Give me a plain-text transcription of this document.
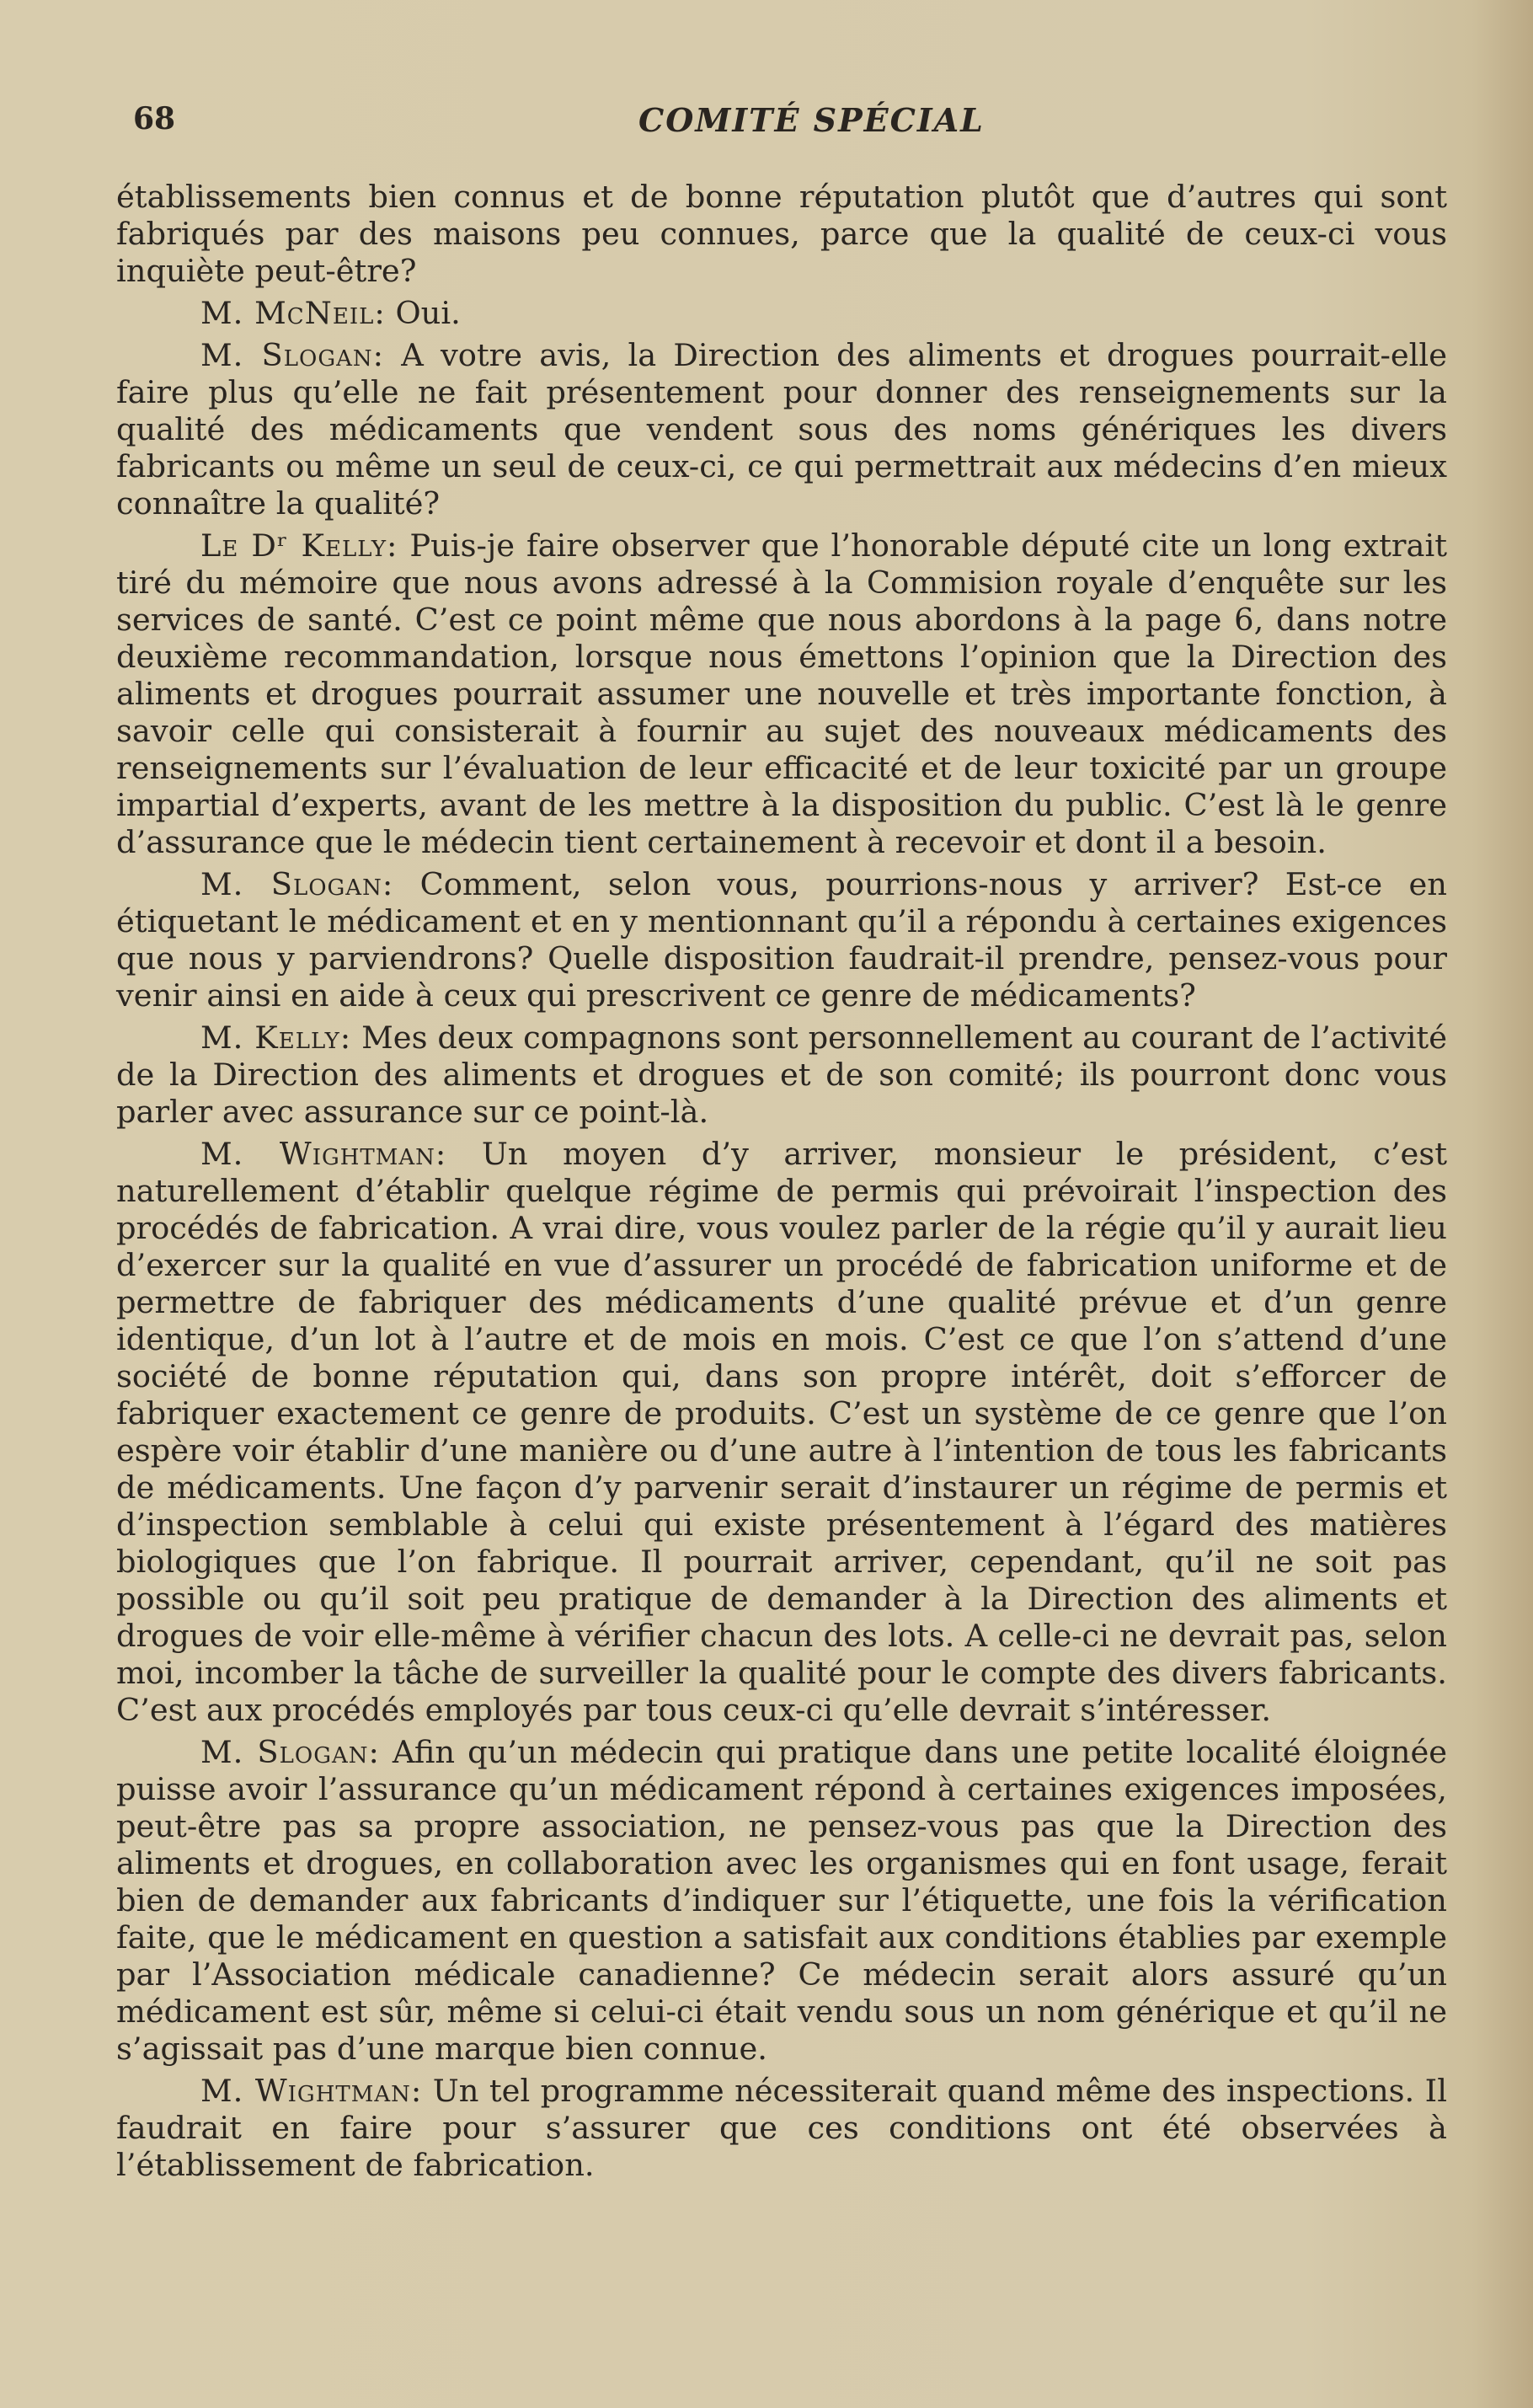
68	COMITÉ SPÉCIAL

établissements bien connus et de bonne réputation plutôt que d’autres qui sont fabriqués par des maisons peu connues, parce que la qualité de ceux-ci vous inquiète peut-être?

M. McNeil: Oui.

M. Slogan: A votre avis, la Direction des aliments et drogues pourrait-elle faire plus qu’elle ne fait présentement pour donner des renseignements sur la qualité des médicaments que vendent sous des noms génériques les divers fabricants ou même un seul de ceux-ci, ce qui permettrait aux médecins d’en mieux connaître la qualité?

Le Dʳ Kelly: Puis-je faire observer que l’honorable député cite un long extrait tiré du mémoire que nous avons adressé à la Commision royale d’enquête sur les services de santé. C’est ce point même que nous abordons à la page 6, dans notre deuxième recommandation, lorsque nous émettons l’opinion que la Direction des aliments et drogues pourrait assumer une nouvelle et très importante fonction, à savoir celle qui consisterait à fournir au sujet des nouveaux médicaments des renseignements sur l’évaluation de leur efficacité et de leur toxicité par un groupe impartial d’experts, avant de les mettre à la disposition du public. C’est là le genre d’assurance que le médecin tient certainement à recevoir et dont il a besoin.

M. Slogan: Comment, selon vous, pourrions-nous y arriver? Est-ce en étiquetant le médicament et en y mentionnant qu’il a répondu à certaines exigences que nous y parviendrons? Quelle disposition faudrait-il prendre, pensez-vous pour venir ainsi en aide à ceux qui prescrivent ce genre de médicaments?

M. Kelly: Mes deux compagnons sont personnellement au courant de l’activité de la Direction des aliments et drogues et de son comité; ils pourront donc vous parler avec assurance sur ce point-là.

M. Wightman: Un moyen d’y arriver, monsieur le président, c’est naturellement d’établir quelque régime de permis qui prévoirait l’inspection des procédés de fabrication. A vrai dire, vous voulez parler de la régie qu’il y aurait lieu d’exercer sur la qualité en vue d’assurer un procédé de fabrication uniforme et de permettre de fabriquer des médicaments d’une qualité prévue et d’un genre identique, d’un lot à l’autre et de mois en mois. C’est ce que l’on s’attend d’une société de bonne réputation qui, dans son propre intérêt, doit s’efforcer de fabriquer exactement ce genre de produits. C’est un système de ce genre que l’on espère voir établir d’une manière ou d’une autre à l’intention de tous les fabricants de médicaments. Une façon d’y parvenir serait d’instaurer un régime de permis et d’inspection semblable à celui qui existe présentement à l’égard des matières biologiques que l’on fabrique. Il pourrait arriver, cependant, qu’il ne soit pas possible ou qu’il soit peu pratique de demander à la Direction des aliments et drogues de voir elle-même à vérifier chacun des lots. A celle-ci ne devrait pas, selon moi, incomber la tâche de surveiller la qualité pour le compte des divers fabricants. C’est aux procédés employés par tous ceux-ci qu’elle devrait s’intéresser.

M. Slogan: Afin qu’un médecin qui pratique dans une petite localité éloignée puisse avoir l’assurance qu’un médicament répond à certaines exigences imposées, peut-être pas sa propre association, ne pensez-vous pas que la Direction des aliments et drogues, en collaboration avec les organismes qui en font usage, ferait bien de demander aux fabricants d’indiquer sur l’étiquette, une fois la vérification faite, que le médicament en question a satisfait aux conditions établies par exemple par l’Association médicale canadienne? Ce médecin serait alors assuré qu’un médicament est sûr, même si celui-ci était vendu sous un nom générique et qu’il ne s’agissait pas d’une marque bien connue.

M. Wightman: Un tel programme nécessiterait quand même des inspections. Il faudrait en faire pour s’assurer que ces conditions ont été observées à l’établissement de fabrication.
